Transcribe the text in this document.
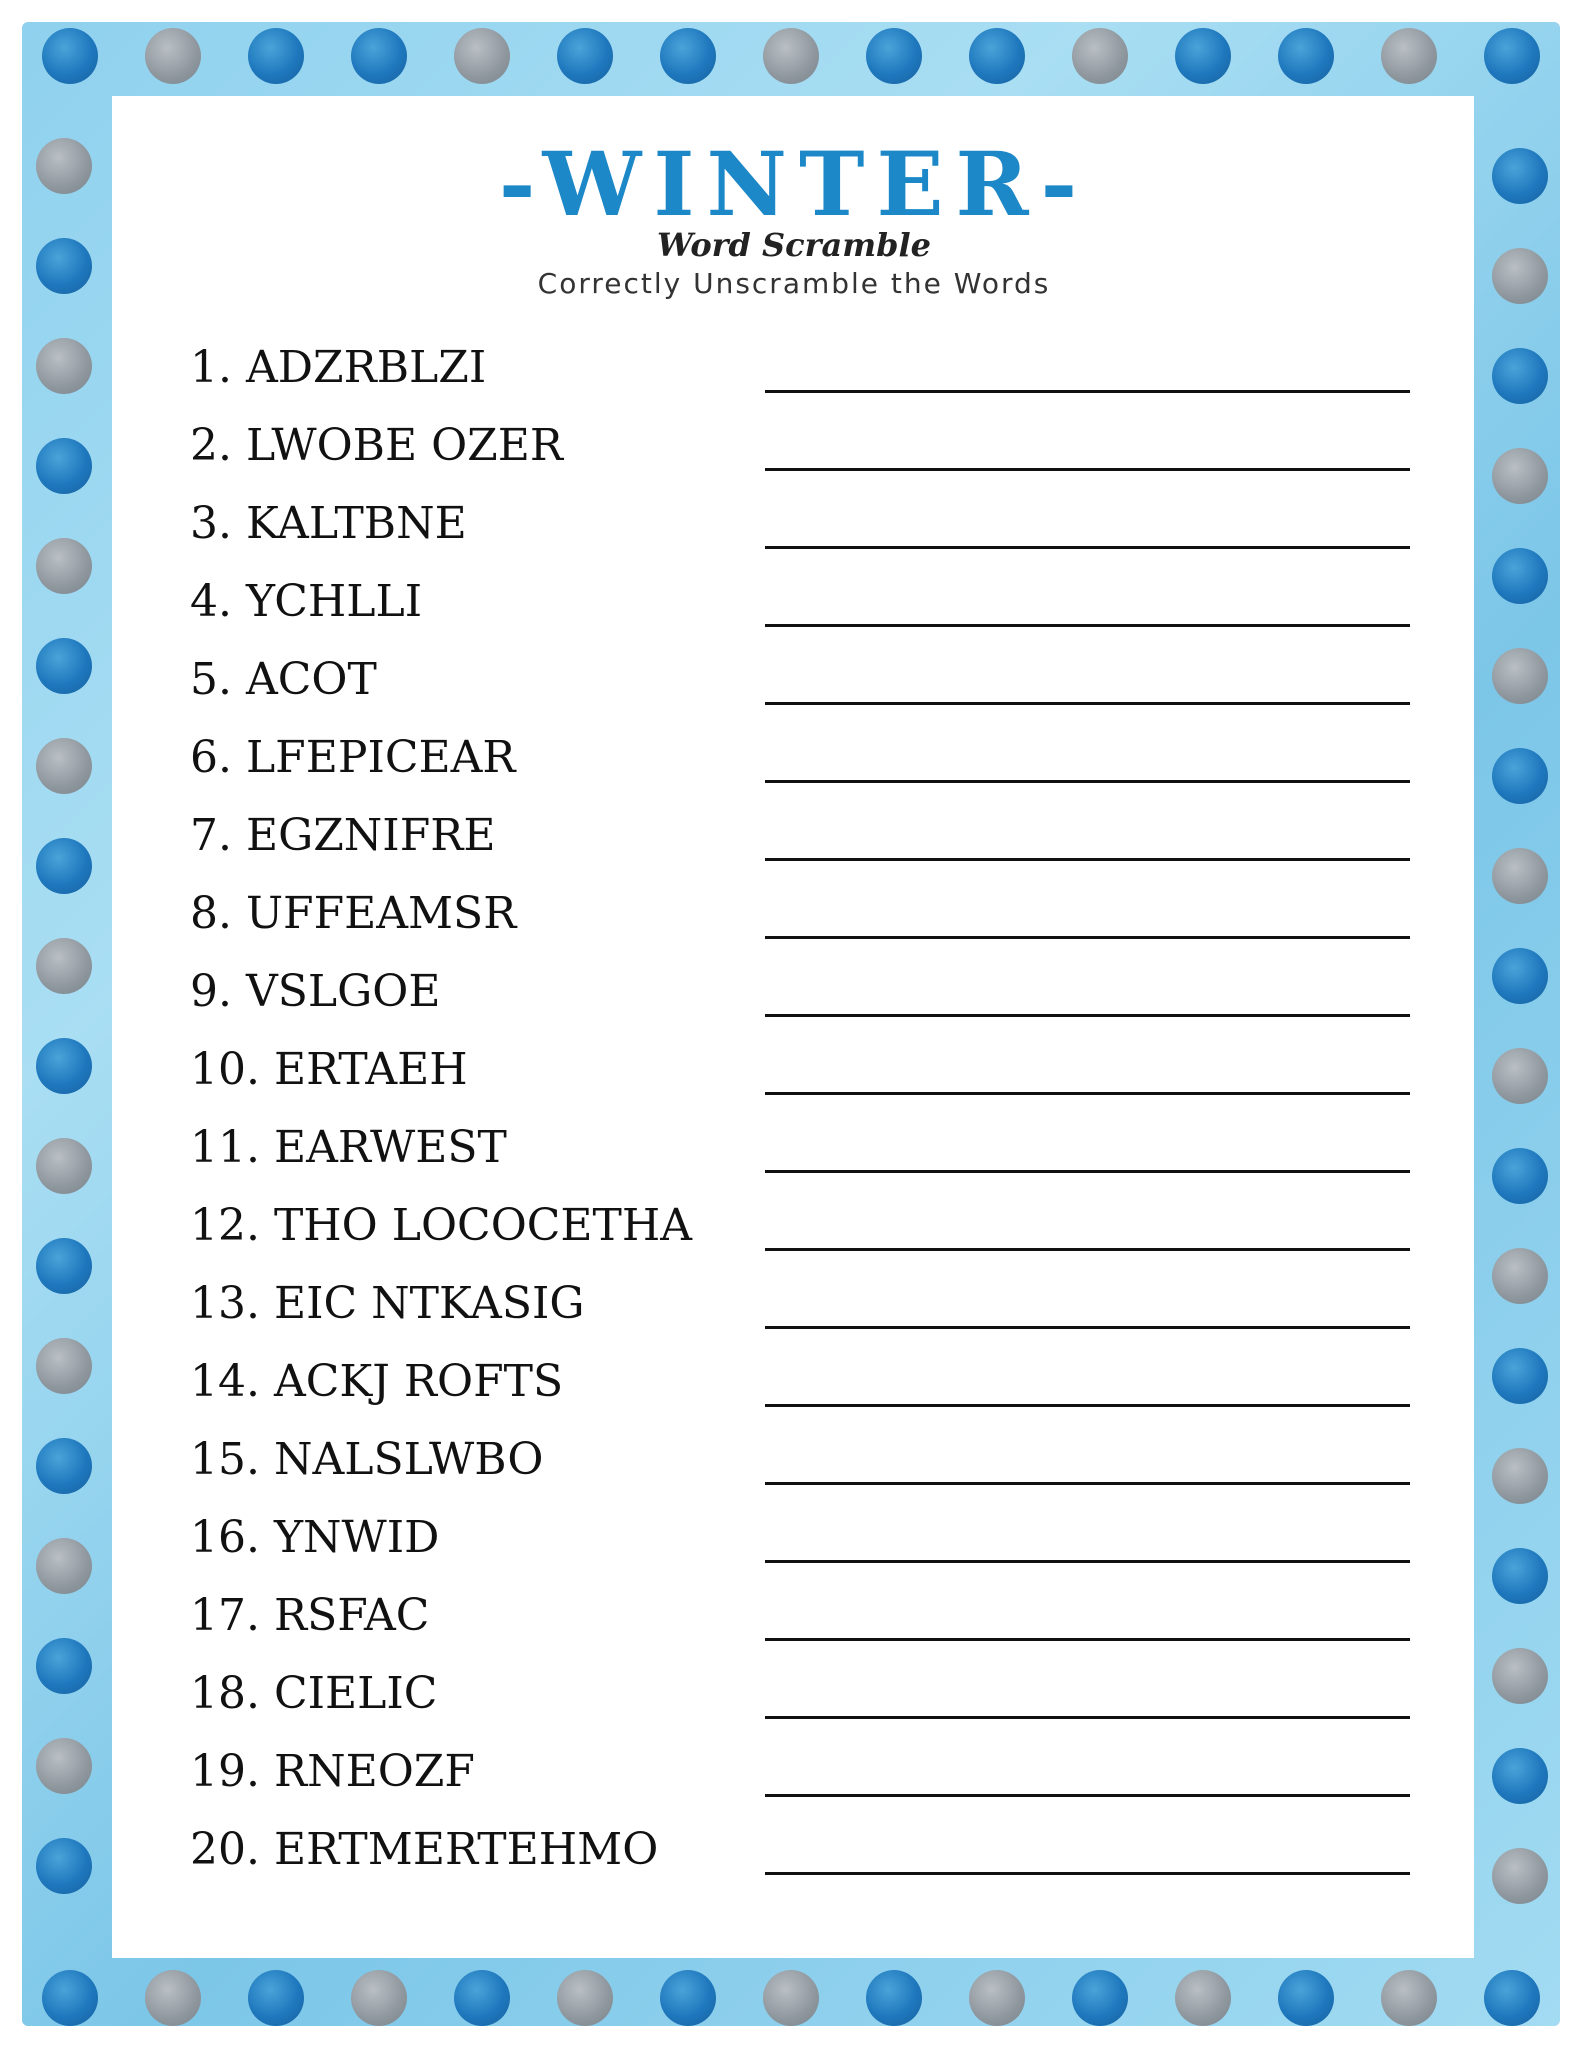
-WINTER-
Word Scramble
Correctly Unscramble the Words
1. ADZRBLZI
2. LWOBE OZER
3. KALTBNE
4. YCHLLI
5. ACOT
6. LFEPICEAR
7. EGZNIFRE
8. UFFEAMSR
9. VSLGOE
10. ERTAEH
11. EARWEST
12. THO LOCOCETHA
13. EIC NTKASIG
14. ACKJ ROFTS
15. NALSLWBO
16. YNWID
17. RSFAC
18. CIELIC
19. RNEOZF
20. ERTMERTEHMO
